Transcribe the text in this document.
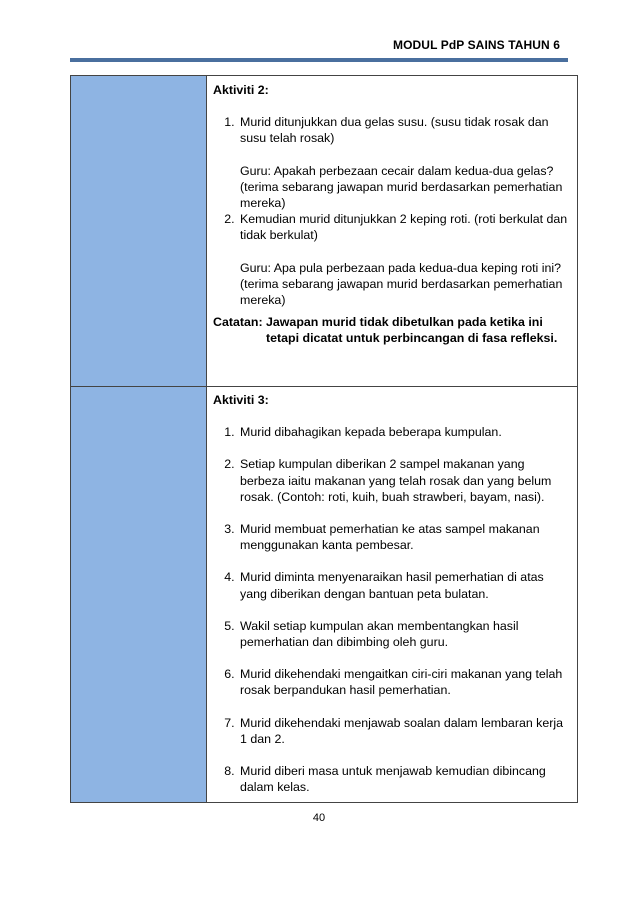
MODUL PdP SAINS TAHUN 6
Aktiviti 2:
1. Murid ditunjukkan dua gelas susu. (susu tidak rosak dan susu telah rosak)
Guru: Apakah perbezaan cecair dalam kedua-dua gelas? (terima sebarang jawapan murid berdasarkan pemerhatian mereka)
2. Kemudian murid ditunjukkan 2 keping roti. (roti berkulat dan tidak berkulat)
Guru: Apa pula perbezaan pada kedua-dua keping roti ini? (terima sebarang jawapan murid berdasarkan pemerhatian mereka)
Catatan: Jawapan murid tidak dibetulkan pada ketika ini tetapi dicatat untuk perbincangan di fasa refleksi.
Aktiviti 3:
1. Murid dibahagikan kepada beberapa kumpulan.
2. Setiap kumpulan diberikan 2 sampel makanan yang berbeza iaitu makanan yang telah rosak dan yang belum rosak. (Contoh: roti, kuih, buah strawberi, bayam, nasi).
3. Murid membuat pemerhatian ke atas sampel makanan menggunakan kanta pembesar.
4. Murid diminta menyenaraikan hasil pemerhatian di atas yang diberikan dengan bantuan peta bulatan.
5. Wakil setiap kumpulan akan membentangkan hasil pemerhatian dan dibimbing oleh guru.
6. Murid dikehendaki mengaitkan ciri-ciri makanan yang telah rosak berpandukan hasil pemerhatian.
7. Murid dikehendaki menjawab soalan dalam lembaran kerja 1 dan 2.
8. Murid diberi masa untuk menjawab kemudian dibincang dalam kelas.
40
